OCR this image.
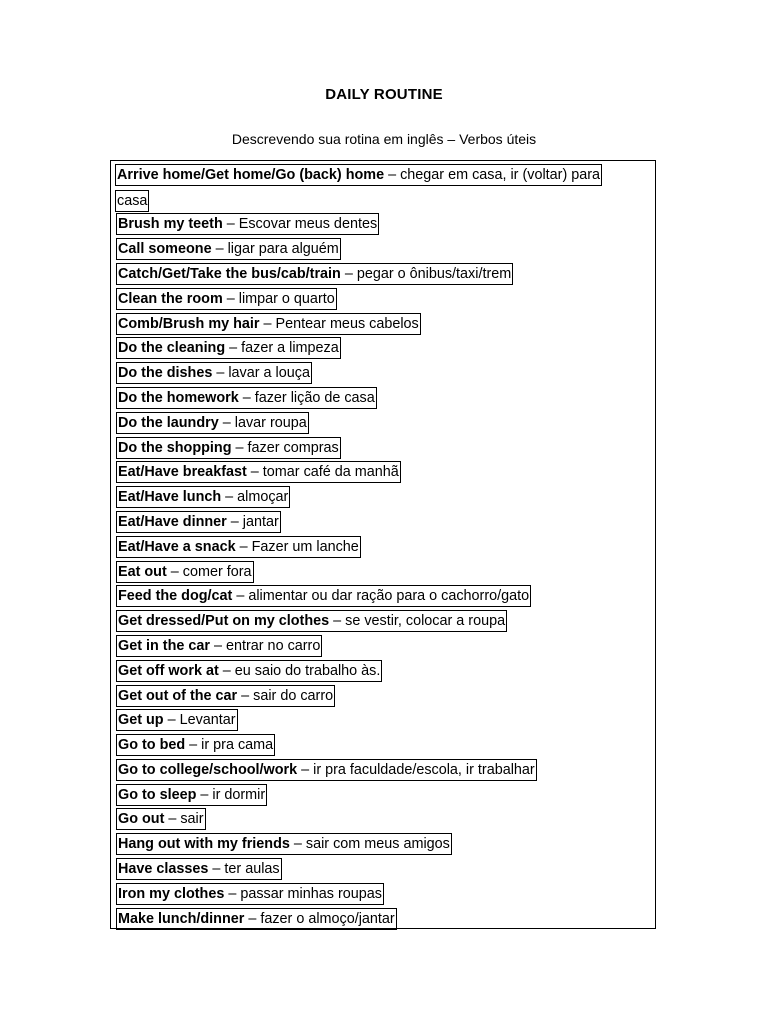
DAILY ROUTINE
Descrevendo sua rotina em inglês – Verbos úteis
Arrive home/Get home/Go (back) home – chegar em casa, ir (voltar) para
casa
Brush my teeth – Escovar meus dentes
Call someone – ligar para alguém
Catch/Get/Take the bus/cab/train – pegar o ônibus/taxi/trem
Clean the room – limpar o quarto
Comb/Brush my hair – Pentear meus cabelos
Do the cleaning – fazer a limpeza
Do the dishes – lavar a louça
Do the homework – fazer lição de casa
Do the laundry – lavar roupa
Do the shopping – fazer compras
Eat/Have breakfast – tomar café da manhã
Eat/Have lunch – almoçar
Eat/Have dinner – jantar
Eat/Have a snack – Fazer um lanche
Eat out – comer fora
Feed the dog/cat – alimentar ou dar ração para o cachorro/gato
Get dressed/Put on my clothes – se vestir, colocar a roupa
Get in the car – entrar no carro
Get off work at – eu saio do trabalho às.
Get out of the car – sair do carro
Get up – Levantar
Go to bed – ir pra cama
Go to college/school/work – ir pra faculdade/escola, ir trabalhar
Go to sleep – ir dormir
Go out – sair
Hang out with my friends – sair com meus amigos
Have classes – ter aulas
Iron my clothes – passar minhas roupas
Make lunch/dinner – fazer o almoço/jantar
